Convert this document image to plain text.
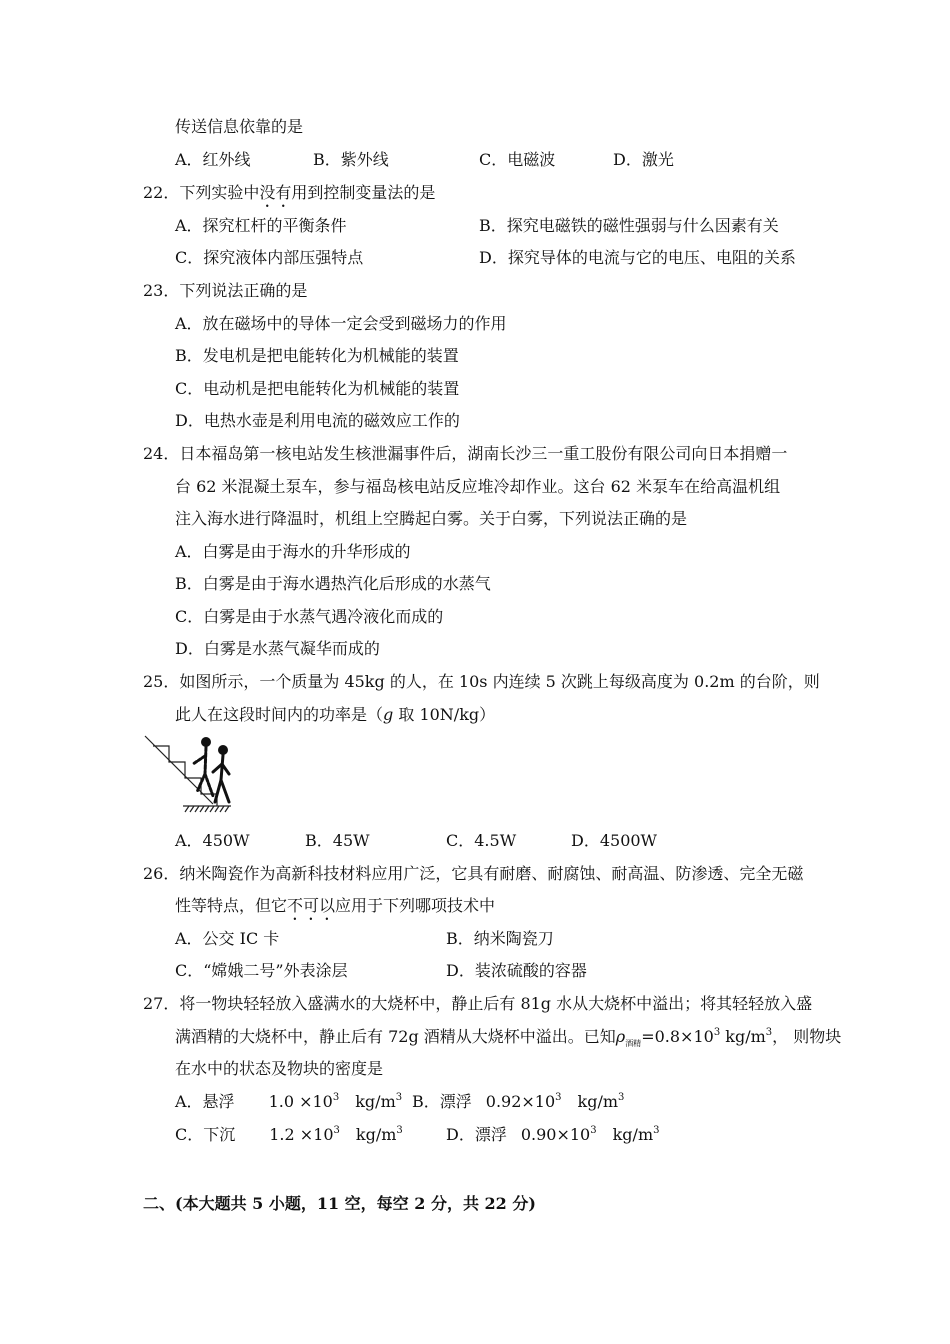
传送信息依靠的是
A．红外线	B．紫外线	C．电磁波	D．激光
22．下列实验中没有用到控制变量法的是
A．探究杠杆的平衡条件	B．探究电磁铁的磁性强弱与什么因素有关
C．探究液体内部压强特点	D．探究导体的电流与它的电压、电阻的关系
23．下列说法正确的是
A．放在磁场中的导体一定会受到磁场力的作用
B．发电机是把电能转化为机械能的装置
C．电动机是把电能转化为机械能的装置
D．电热水壶是利用电流的磁效应工作的
24．日本福岛第一核电站发生核泄漏事件后，湖南长沙三一重工股份有限公司向日本捐赠一
台 62 米混凝土泵车，参与福岛核电站反应堆冷却作业。这台 62 米泵车在给高温机组
注入海水进行降温时，机组上空腾起白雾。关于白雾，下列说法正确的是
A．白雾是由于海水的升华形成的
B．白雾是由于海水遇热汽化后形成的水蒸气
C．白雾是由于水蒸气遇冷液化而成的
D．白雾是水蒸气凝华而成的
25．如图所示，一个质量为 45kg 的人，在 10s 内连续 5 次跳上每级高度为 0.2m 的台阶，则
此人在这段时间内的功率是（g 取 10N/kg）
A．450W	B．45W	C．4.5W	D．4500W
26．纳米陶瓷作为高新科技材料应用广泛，它具有耐磨、耐腐蚀、耐高温、防渗透、完全无磁
性等特点，但它不可以应用于下列哪项技术中
A．公交 IC 卡	B．纳米陶瓷刀
C．“嫦娥二号”外表涂层	D．装浓硫酸的容器
27．将一物块轻轻放入盛满水的大烧杯中，静止后有 81g 水从大烧杯中溢出；将其轻轻放入盛
满酒精的大烧杯中，静止后有 72g 酒精从大烧杯中溢出。已知$\rho_{酒精}=0.8\times 10^3$ $kg/m^3$， 则物块
在水中的状态及物块的密度是
A．悬浮 $1.0 \times 10^3$ $kg/m^3$ B．漂浮 $0.92\times 10^3$ $kg/m^3$
C．下沉 $1.2 \times 10^3$ $kg/m^3$	D．漂浮 $0.90\times 10^3$ $kg/m^3$
二、(本大题共 5 小题，11 空，每空 2 分，共 22 分)
